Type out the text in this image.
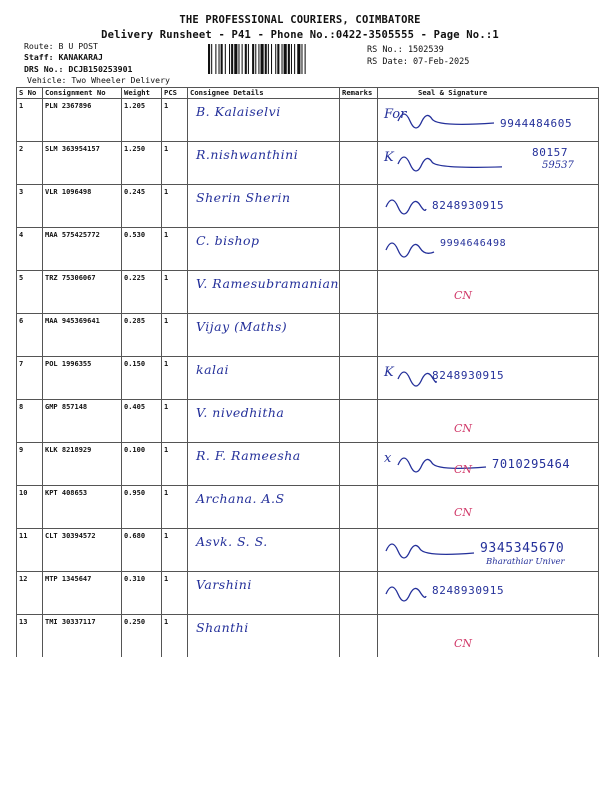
THE PROFESSIONAL COURIERS, COIMBATORE
Delivery Runsheet - P41 - Phone No.:0422-3505555 - Page No.:1
Route: B U POST
Staff: KANAKARAJ
DRS No.: DCJB150253901
Vehicle: Two Wheeler Delivery
RS No.: 1502539
RS Date: 07-Feb-2025
S No	Consignment No	Weight	PCS	Consignee Details	Remarks	Seal & Signature
1	PLN 2367896	1.205	1	B. Kalaiselvi		For
9944484605

2	SLM 363954157	1.250	1	R.nishwanthini		K 80157
59537

3	VLR 1096498	0.245	1	Sherin Sherin		8248930915

4	MAA 575425772	0.530	1	C. bishop		9994646498

5	TRZ 75306067	0.225	1	V. Ramesubramanian		CN

6	MAA 945369641	0.285	1	Vijay (Maths)		

7	POL 1996355	0.150	1	kalai		K 8248930915

8	GMP 857148	0.405	1	V. nivedhitha		CN

9	KLK 8218929	0.100	1	R. F. Rameesha		x 7010295464
CN

10	KPT 408653	0.950	1	Archana. A.S		CN

11	CLT 30394572	0.680	1	Asvk. S. S.		9345345670
Bharathiar Univer

12	MTP 1345647	0.310	1	Varshini		8248930915

13	TMI 30337117	0.250	1	Shanthi		CN
